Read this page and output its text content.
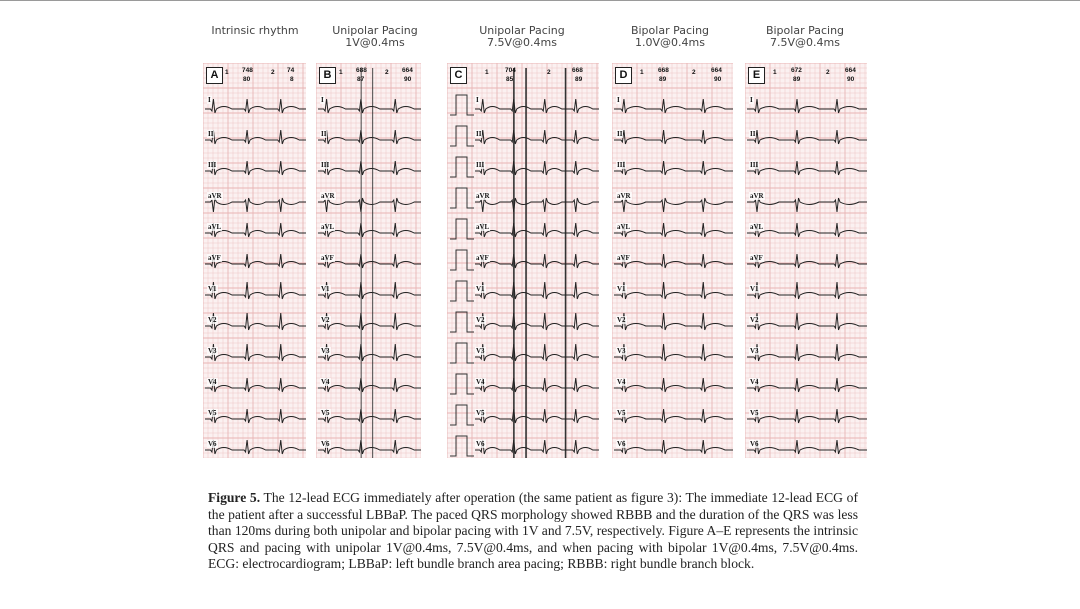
Intrinsic rhythm
I
II
III
aVR
aVL
aVF
V1
V2
V3
V4
V5
V6
A	1 748
80
2 74
8
Unipolar Pacing
1V@0.4ms
I
II
III
aVR
aVL
aVF
V1
V2
V3
V4
V5
V6
B	1 688
87
2 664
90
Unipolar Pacing
7.5V@0.4ms
I
II
III
aVR
aVL
aVF
V1
V2
V3
V4
V5
V6
C	1	704
85
2	668
89
Bipolar Pacing
1.0V@0.4ms
I
II
III
aVR
aVL
aVF
V1
V2
V3
V4
V5
V6
D	1 668
89
2 664
90
Bipolar Pacing
7.5V@0.4ms
I
II
III
aVR
aVL
aVF
V1
V2
V3
V4
V5
V6
E	1 672
89
2 664
90
Figure 5. The 12-lead ECG immediately after operation (the same patient as figure 3): The immediate 12-lead ECG of the patient after a successful LBBaP. The paced QRS morphology showed RBBB and the duration of the QRS was less than 120ms during both unipolar and bipolar pacing with 1V and 7.5V, respectively. Figure A–E represents the intrinsic QRS and pacing with unipolar 1V@0.4ms, 7.5V@0.4ms, and when pacing with bipolar 1V@0.4ms, 7.5V@0.4ms. ECG: electrocardiogram; LBBaP: left bundle branch area pacing; RBBB: right bundle branch block.
